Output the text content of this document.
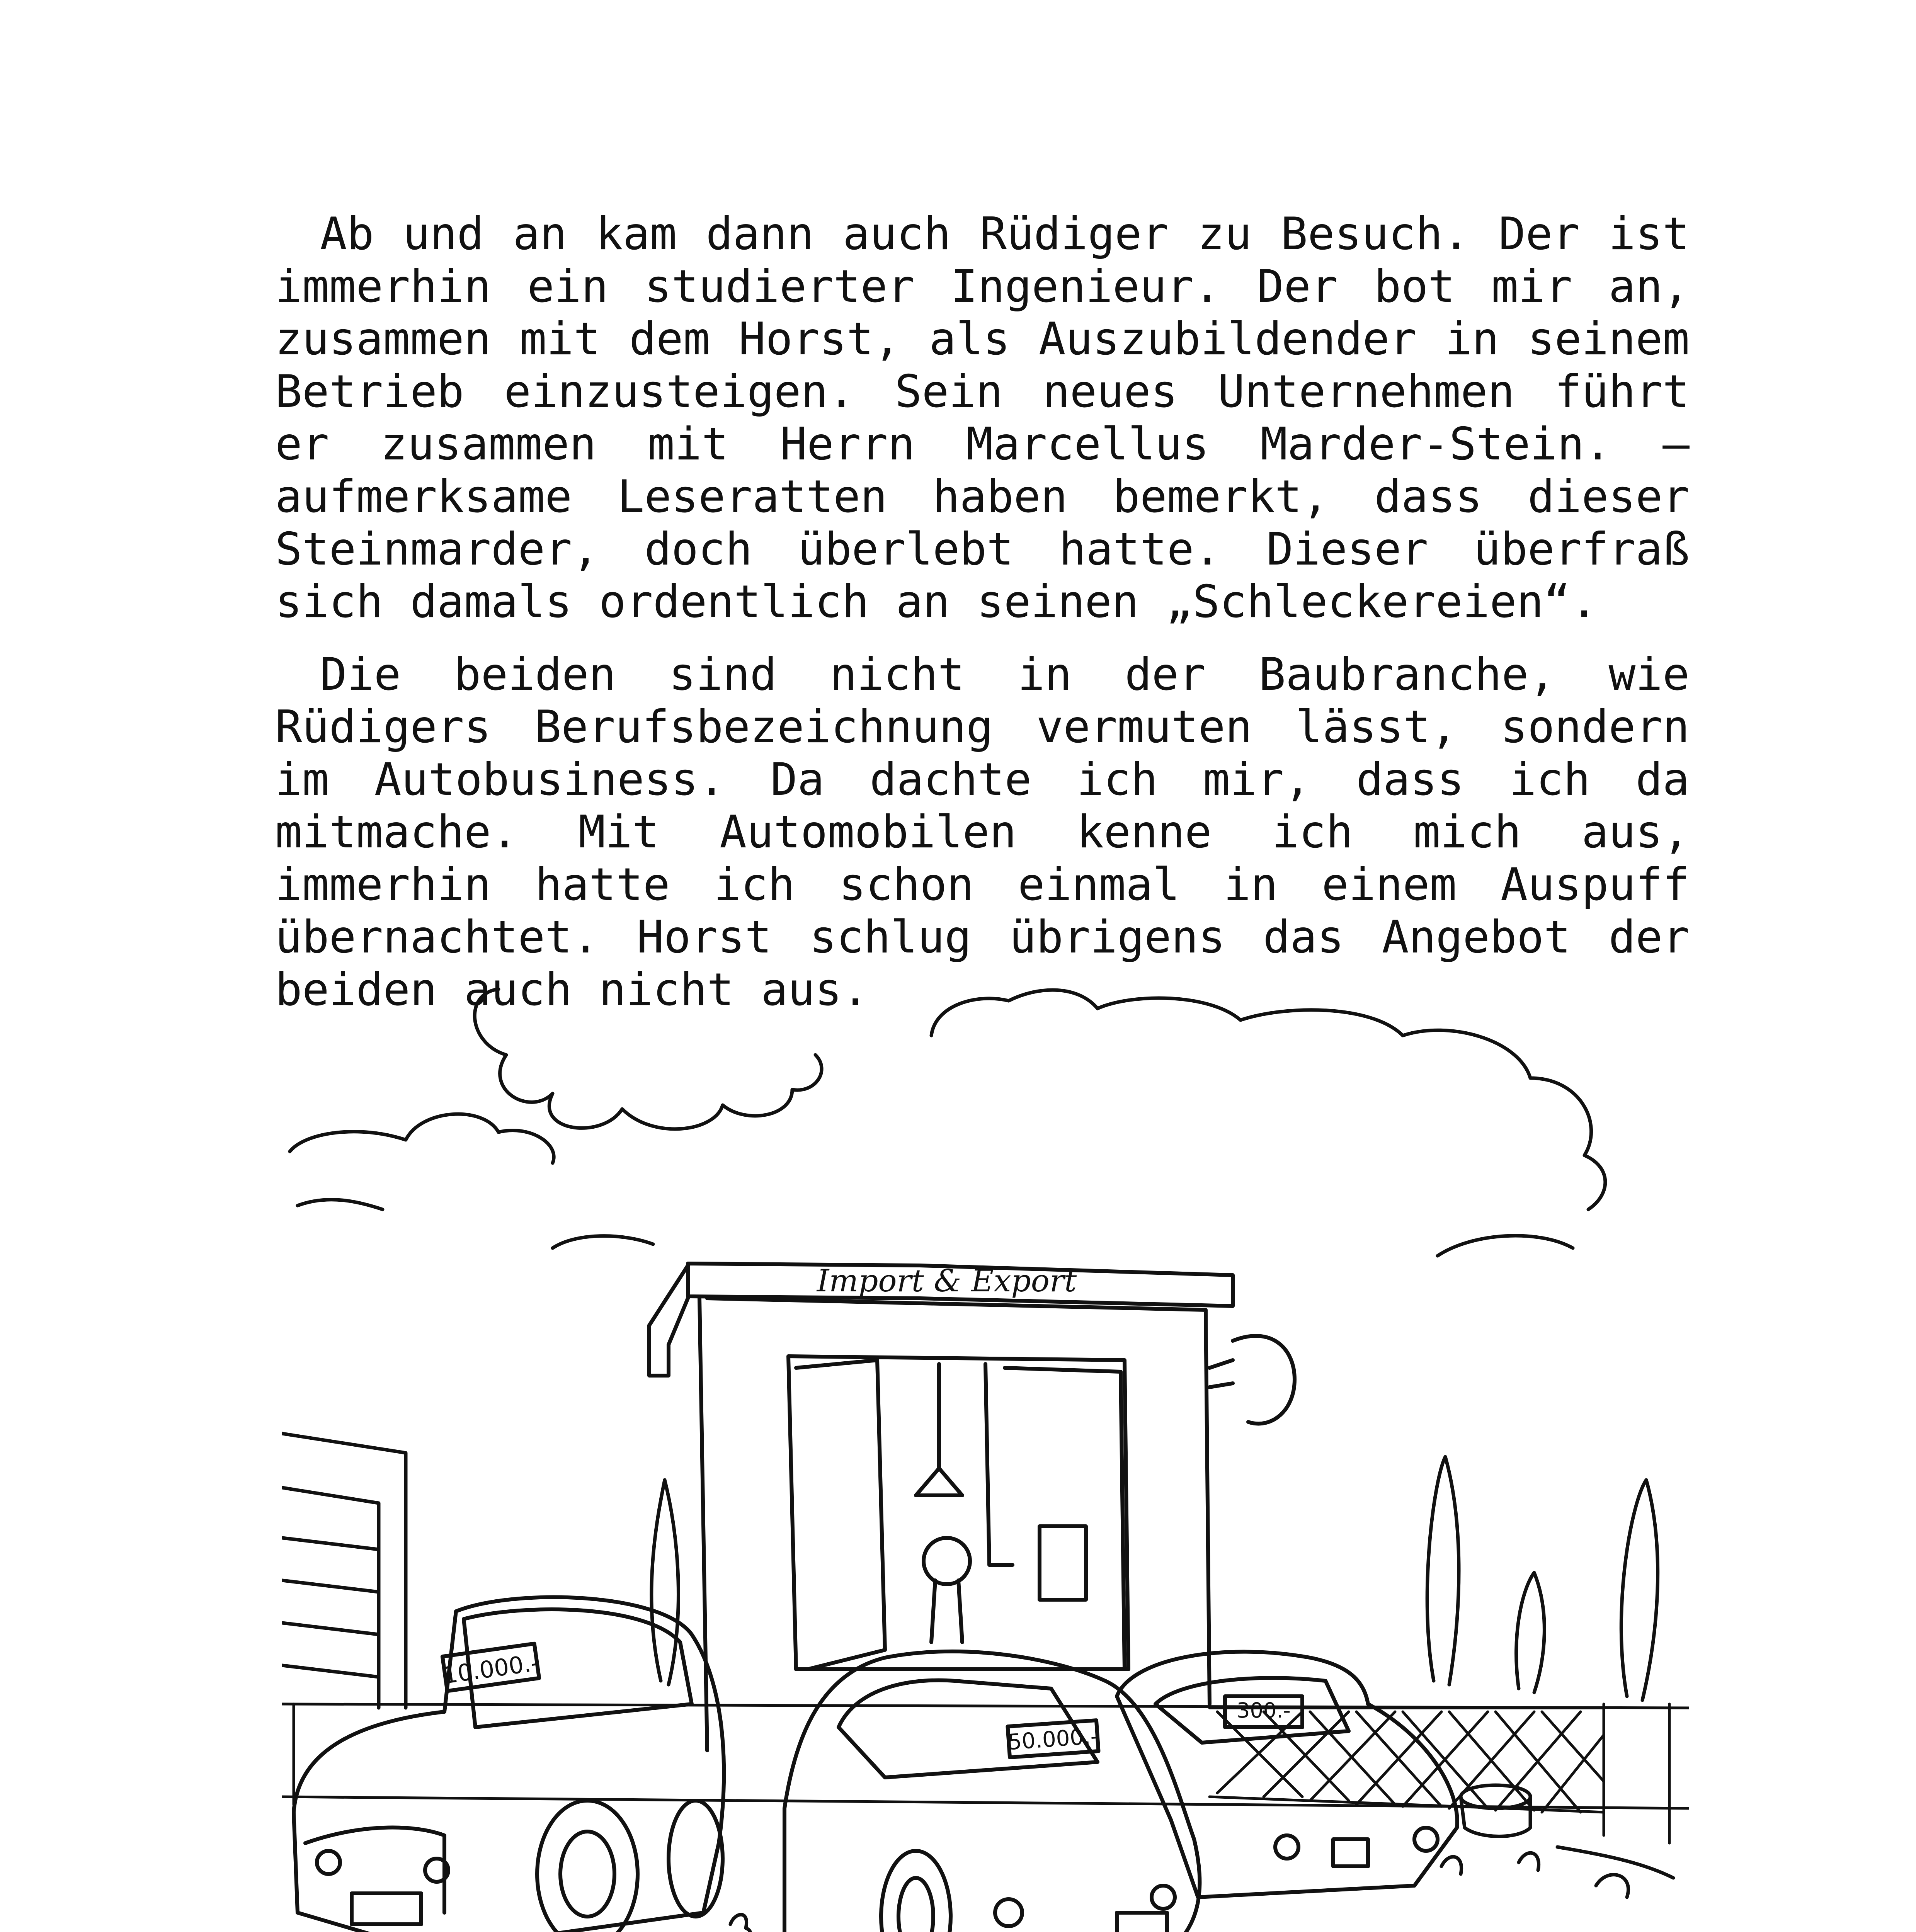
Ab und an kam dann auch Rüdiger zu Besuch. Der ist immerhin ein studierter Ingenieur. Der bot mir an, zusammen mit dem Horst, als Auszubildender in seinem Betrieb einzusteigen. Sein neues Unternehmen führt er zusammen mit Herrn Marcellus Marder-Stein. – aufmerksame Leseratten haben bemerkt, dass dieser Steinmarder, doch überlebt hatte. Dieser überfraß sich damals ordentlich an seinen „Schleckereien“.

Die beiden sind nicht in der Baubranche, wie Rüdigers Berufsbezeichnung vermuten lässt, sondern im Autobusiness. Da dachte ich mir, dass ich da mitmache. Mit Automobilen kenne ich mich aus, immerhin hatte ich schon einmal in einem Auspuff übernachtet. Horst schlug übrigens das Angebot der beiden auch nicht aus.

Import & Export
10.000.-
50.000.-
300.-
